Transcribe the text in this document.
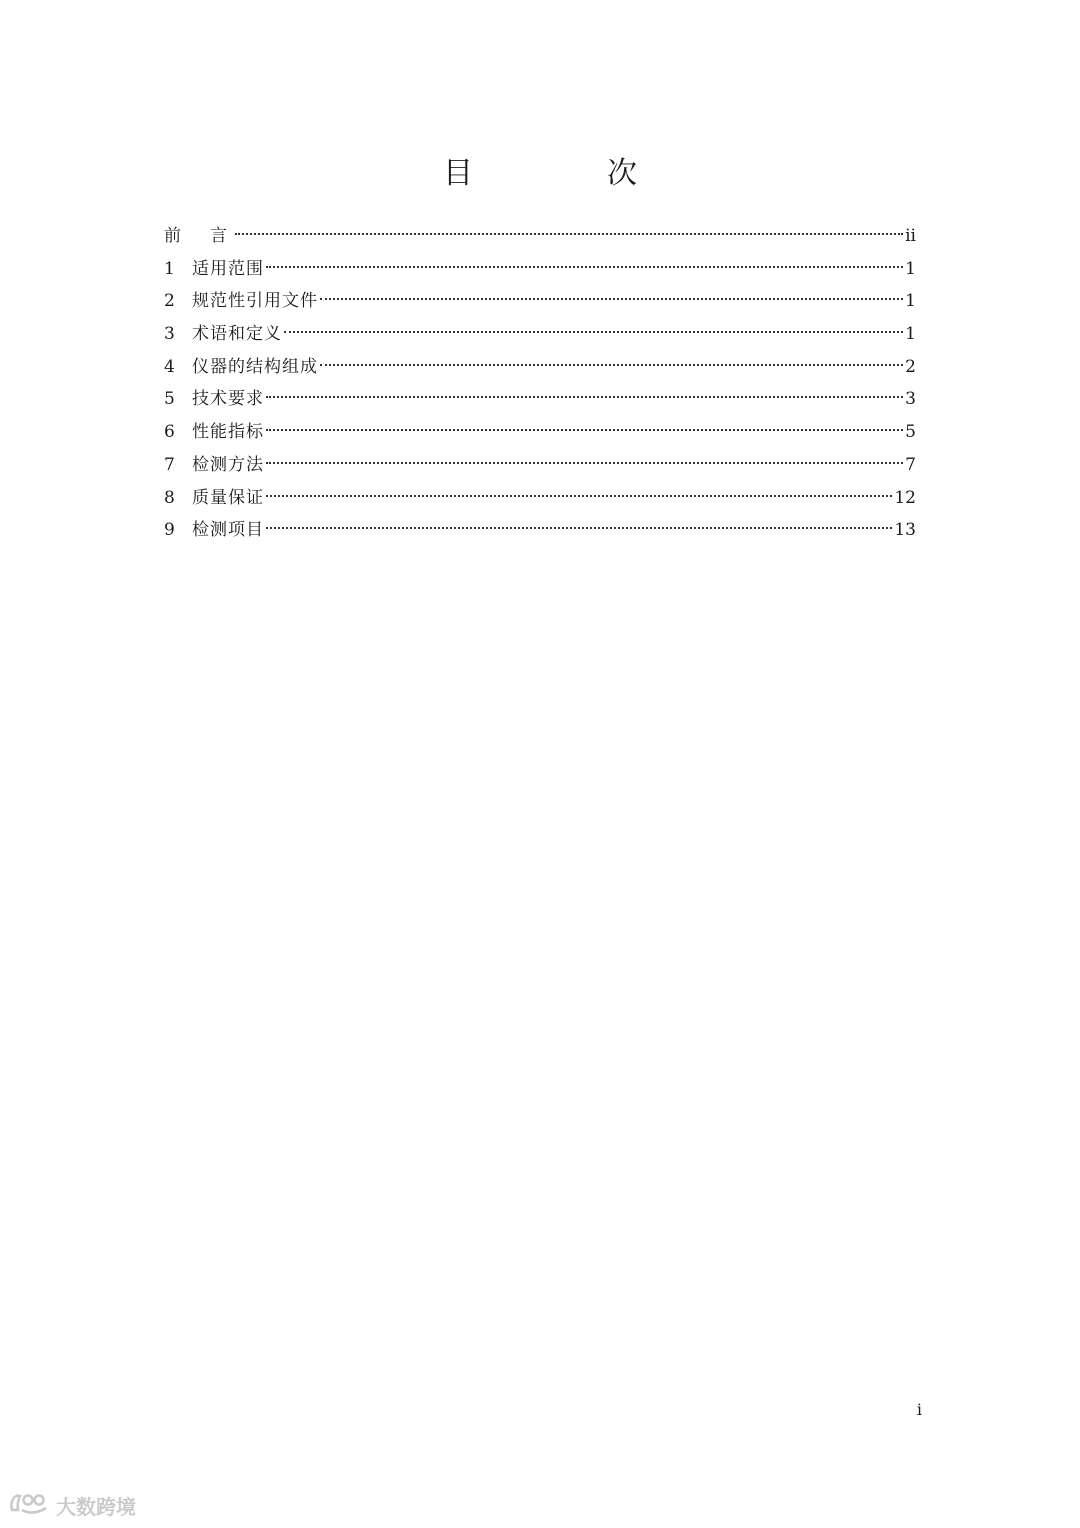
目　次
前　言	ii
1	适用范围	1
2	规范性引用文件	1
3	术语和定义	1
4	仪器的结构组成	2
5	技术要求	3
6	性能指标	5
7	检测方法	7
8	质量保证	12
9	检测项目	13
i
大数跨境
